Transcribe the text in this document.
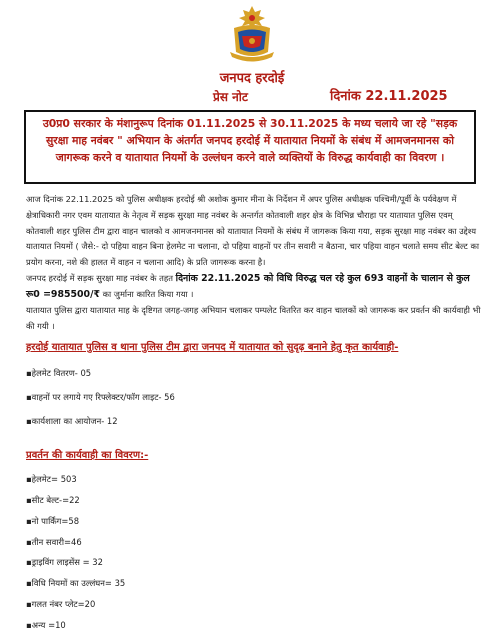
जनपद हरदोई
प्रेस नोट	दिनांक 22.11.2025
उ0प्र0 सरकार के मंशानुरूप दिनांक 01.11.2025 से 30.11.2025 के मध्य चलाये जा रहे "सड़क सुरक्षा माह नवंबर " अभियान के अंतर्गत जनपद हरदोई में यातायात नियमों के संबंध में आमजनमानस को जागरूक करने व यातायात नियमों के उल्लंघन करने वाले व्यक्तियों के विरुद्ध कार्यवाही का विवरण ।
आज दिनांक 22.11.2025 को पुलिस अधीक्षक हरदोई श्री अशोक कुमार मीना के निर्देशन में अपर पुलिस अधीक्षक पश्चिमी/पूर्वी के पर्यवेक्षण में क्षेत्राधिकारी नगर एवम यातायात के नेतृत्व में सड़क सुरक्षा माह नवंबर के अन्तर्गत कोतवाली शहर क्षेत्र के विभिन्न चौराहा पर यातायात पुलिस एवम् कोतवाली शहर पुलिस टीम द्वारा वाहन चालको व आमजनमानस को यातायात नियमों के संबंध में जागरूक किया गया, सड़क सुरक्षा माह नवंबर का उद्देश्य यातायात नियमों ( जैसे:- दो पहिया वाहन बिना हेलमेट ना चलाना, दो पहिया वाहनों पर तीन सवारी न बैठाना, चार पहिया वाहन चलाते समय सीट बेल्ट का प्रयोग करना, नशे की हालत में वाहन न चलाना आदि) के प्रति जागरूक करना है।
जनपद हरदोई में सड़क सुरक्षा माह नवंबर के तहत दिनांक 22.11.2025 को विधि विरुद्ध चल रहे कुल 693 वाहनों के चालान से कुल रू0 =985500/₹ का जुर्माना कारित किया गया ।
यातायात पुलिस द्वारा यातायात माह के दृष्टिगत जगह-जगह अभियान चलाकर पम्पलेट वितरित कर वाहन चालकों को जागरूक कर प्रवर्तन की कार्यवाही भी की गयी ।
हरदोई यातायात पुलिस व थाना पुलिस टीम द्वारा जनपद में यातायात को सुदृढ़ बनाने हेतु कृत कार्यवाही-
▪हेलमेट वितरण- 05
▪वाहनों पर लगाये गए रिफ्लेक्टर/फॉग लाइट- 56
▪कार्यशाला का आयोजन- 12
प्रवर्तन की कार्यवाही का विवरण:-
▪हेलमेट= 503
▪सीट बेल्ट-=22
▪नो पार्किंग=58
▪तीन सवारी=46
▪ड्राइविंग लाइसेंस = 32
▪विधि नियमों का उल्लंघन= 35
▪गलत नंबर प्लेट=20
▪अन्य =10
